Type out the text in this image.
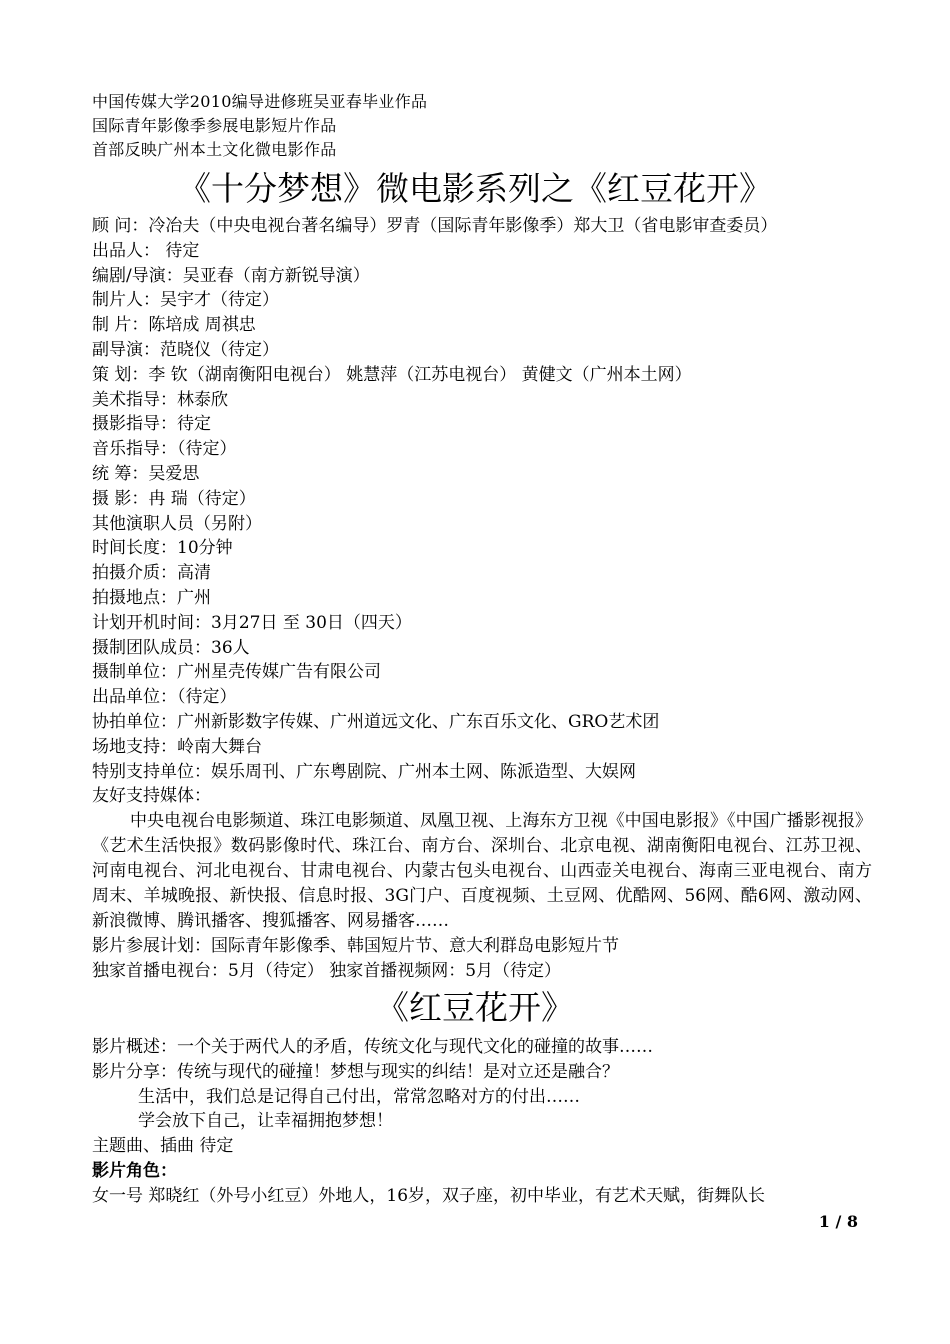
中国传媒大学2010编导进修班吴亚春毕业作品
国际青年影像季参展电影短片作品
首部反映广州本土文化微电影作品
《十分梦想》微电影系列之《红豆花开》
顾 问：冷冶夫（中央电视台著名编导）罗青（国际青年影像季）郑大卫（省电影审查委员）
出品人： 待定
编剧/导演：吴亚春（南方新锐导演）
制片人：吴宇才（待定）
制 片：陈培成 周祺忠
副导演：范晓仪（待定）
策 划：李 钦（湖南衡阳电视台） 姚慧萍（江苏电视台） 黄健文（广州本土网）
美术指导：林泰欣
摄影指导：待定
音乐指导：（待定）
统 筹：吴爱思
摄 影：冉 瑞（待定）
其他演职人员（另附）
时间长度：10分钟
拍摄介质：高清
拍摄地点：广州
计划开机时间：3月27日 至 30日（四天）
摄制团队成员：36人
摄制单位：广州星壳传媒广告有限公司
出品单位：（待定）
协拍单位：广州新影数字传媒、广州道远文化、广东百乐文化、GRO艺术团
场地支持：岭南大舞台
特别支持单位：娱乐周刊、广东粤剧院、广州本土网、陈派造型、大娱网
友好支持媒体：
中央电视台电影频道、珠江电影频道、凤凰卫视、上海东方卫视《中国电影报》《中国广播影视报》《艺术生活快报》数码影像时代、珠江台、南方台、深圳台、北京电视、湖南衡阳电视台、江苏卫视、河南电视台、河北电视台、甘肃电视台、内蒙古包头电视台、山西壶关电视台、海南三亚电视台、南方周末、羊城晚报、新快报、信息时报、3G门户、百度视频、土豆网、优酷网、56网、酷6网、激动网、新浪微博、腾讯播客、搜狐播客、网易播客……
影片参展计划：国际青年影像季、韩国短片节、意大利群岛电影短片节
独家首播电视台：5月（待定） 独家首播视频网：5月（待定）
《红豆花开》
影片概述：一个关于两代人的矛盾，传统文化与现代文化的碰撞的故事……
影片分享：传统与现代的碰撞！梦想与现实的纠结！是对立还是融合？
生活中，我们总是记得自己付出，常常忽略对方的付出……
学会放下自己，让幸福拥抱梦想！
主题曲、插曲 待定
影片角色：
女一号 郑晓红（外号小红豆）外地人，16岁，双子座，初中毕业，有艺术天赋，街舞队长
1 / 8
